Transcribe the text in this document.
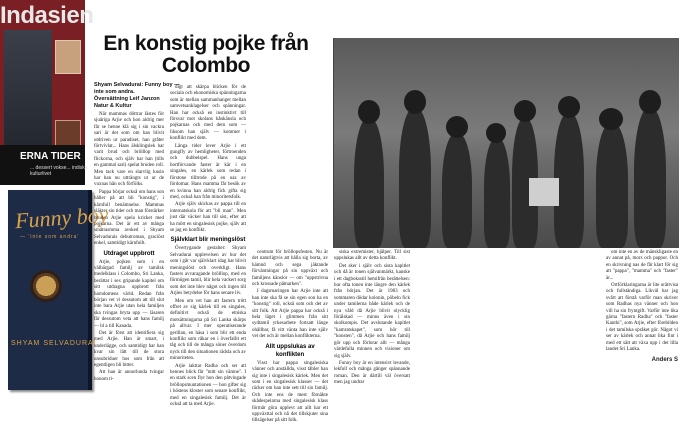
Indasien
ERNA TIDER
... dessert vokse... indiska kulturlivet
Funny boy
— 'inte som andra'
SHYAM SELVADURAI
En konstig pojke från Colombo
Shyam Selvadurai: Funny boy —
inte som andra.
Översättning Leif Janzon
Natur & Kultur

När mammas döttrar lästes för sjuåriga Arjie och hon aldrig mer får se henne klä sig i sin vackra sari är det som om han blivit utdriven ur paradiset, han gråter förtvivlat... Hans älsklingslek har varit brud och brölllop med flickorna, och själv har han (tills en gammal sari) spelat bruden roll. Men tack vare en slarvlig kusin har han nu utträngts ut ur de vuxnas hån och förfölks.

Pappa börjar också om hans son håller på att bli "konstig", i kärnfull benämnelse. Mammas släkter sin tider och man förstärker bruden Arjie spela kricket med pojkarna. Det är ett av många småtrasmma avsked i Shyam Selvadurais debutroman, graciöst enkel, samtidigt kärnfullt.

Utdraget uppbrott

Arjie, pojken som i en välbärgad familj av tamilsk medelklass i Colombo, Sri Lanka, berättar i sex gripande kapitel om sitt utdragna uppbrott från barndomens värld. Redan från början vet vi dessutom att till slut inte bara Arjie utan hela familjen ska tvingas bryta upp — läsaren får dessutom veta att hans familj — bl a till Kanada.

Det är först att identifiera sig med Arjie. Han är smart, i underlägge, och samtidigt har han kvar sin lätt till de stora unsubriduer hos som från att egentligen bli bitter.

Att han är annorlunda tvingar honom ti-

digt att skärpa blicken för de sociala och ekonomiska spänningarna som är mellan sammanhanget mellan samvetsanklagelser och spänningar. Han har också en instinktivt till försvar mot skolans hånkänsla och pojkarnas och med dem som — liksom han själv — kommer i konflikt med dem.

Långa tider lever Arjie i ett gungfly av hemligheter, förtroenden och dubbelspel. Hans unga bortförvande faster är kär i en singales, en kärlek som redan i förstone tilltrode på en oaz av fördomar. Hans mamma får besök av en kvinna han aldrig fick gifta sig med, också han från minoritetsfolk.

Arjie själv skickas av pappa till en internatskola för att "bli man". Men just där väcker han till sist, efter att ha mött en singalesisk pojke, själv att se jag en konflikt.

Självklart blir meningslöst

Övertygande gestalter: Shyam Selvadurai upplevelsen av hur det som i går var självklart idag har blivit meningslöst och overkligt. Hans fasters avvaragande brölllop, med en förmögen tamil, blir hela vackert sorg som det inte blev något och ingen till Arjies betydelse för hans senare liv.

Men om vet han att fastern trött offret av sig kärlek till en singales, definitivt också de etniska motsättningarna på Sri Lanka skärps på allvar. I mer operatiserande gerillan, en häsa i som blir ett enda konflikt som råkar en i överfallit ett tåg och till de många söner överdom nyck till den situationen rädsla och av minoriteten.

Arjie iakttar Radha och ser att hennes blick får "mitt sin vämne". I en stark scen flyr hon den påtvingade bröllopsmuntationen — hon gifter sig i höstens kloster som senare konflikt, med en singalesisk familj. Det är också att ta med Arjie.

centrum för bröllopsfesten. Nu är det naturligtvis att hålla sig borta, av hämnd och sega jäktande förväntningar på sin uppväxt och familjens känslor — om "uppstrivna och krossade påmarken".

I dagsmaringen har Arjie inte att han inte ska få se sin egen son ha en "konstig" roll, också som och det av sitt folk. Att Arjie pappa har också i hela läget i glimmen från sitt sydtamil yrkesarbete fortsatt länge ohållbar, få vitt vänta han inte själv vet det och är mellan konflikterna.

Allt uppslukas av konflikten

Visst har pappa singalesiska vänner och anställda, visst tåbler han sig inte i singalesisk kärlek. Men det som i en singalesisk klasser — det räcker om han inte sett till sin familj. Och inte ens de mest förnäkte skådespelarna med singalesisk klass förmår göra upplevt att allt har ett uppväxttal och nå det tillskjuter sina tillsägelser på sitt folk.

siska extremister, hjälper. Till sist uppslukas allt av detta konflikt.

Det sker i själv och sista kapitlet och då är tonen självanmärkt, kanske i ett dagboksstil hemifrån berättelsen: hur ofta tonen inte längre den kärlek från början. Det är 1983 och sommaren dödar kolonin, pöbeln fick under tamilerna både kärlek och de nya våld då Arjie blivit olycklig förälskad — minns även i sin skolkompis. Det avslutande kapitlet "kamratskapet", som hör till "konsten", då Arjie och hans familj gör upp och förlorar allt — många värdefulla minnen och visioner om sig själv.

Funny boy är en intensivt levande, lekfull och många gånger spännande roman. Den är därtill väl översatt men jag undrar

om inte en av de mänskligaste en av annat på, mors och pappor. Och en skrivning nas de får klart för sig att "pappa", "mamma" och "faster" är...

Ortförklaringarna är lite orättvisa och fullständiga. Likväl har jag svårt att förstå varför man skriver som Radhas nya vänner och hon vill ha sin fryntgift. Varför inte lika gärna "fastern Radha" och "faster Kanthi", som Arjie, efter förebilden i det tamilska språket gör. Något vi ser av kärlek och annat lika fint i med ett sätt att växa upp i det lilla landet Sri Lanka.

Anders S
